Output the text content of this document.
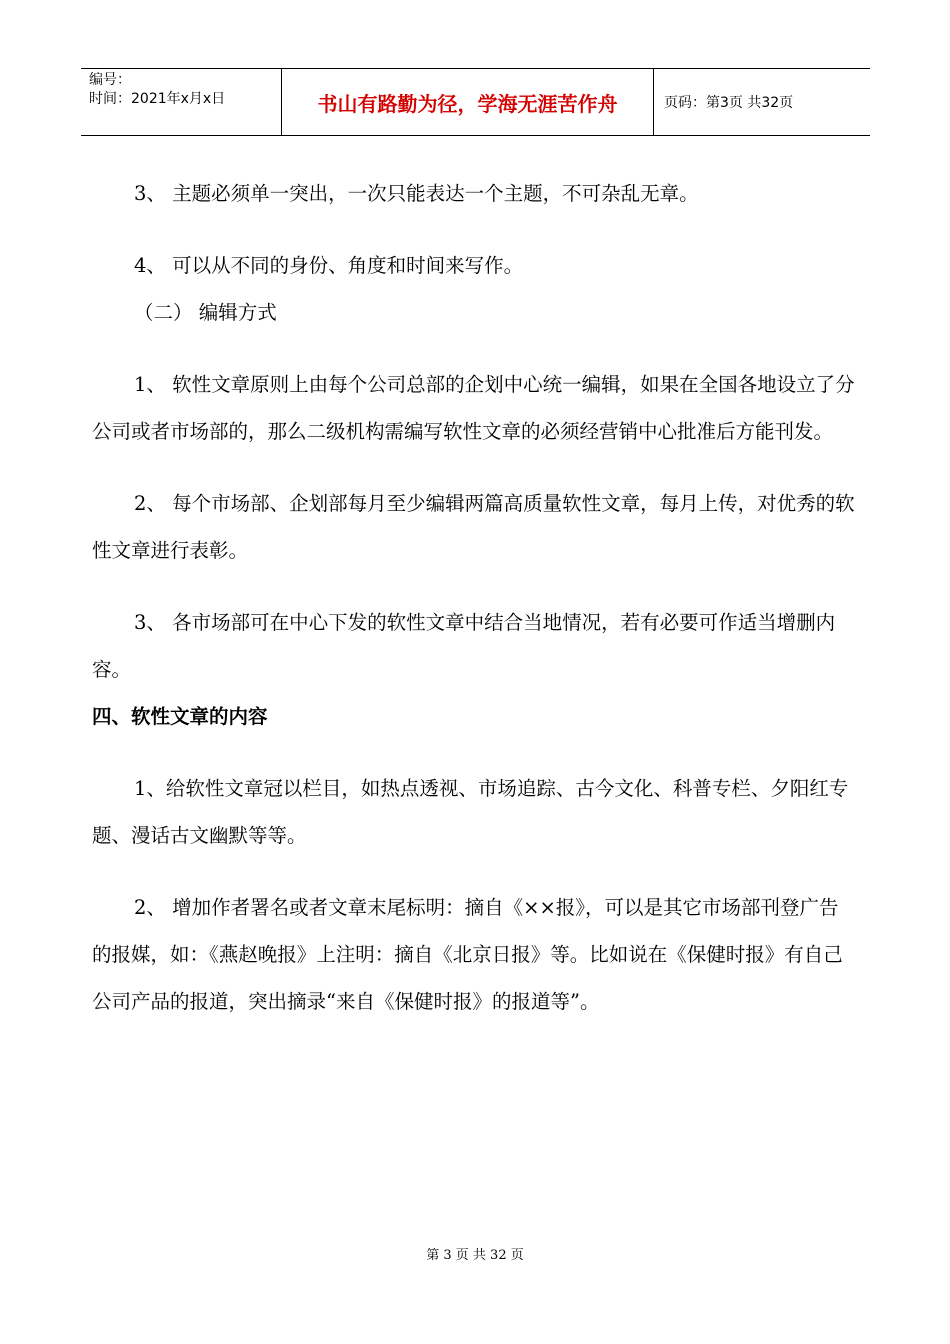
编号：
时间：2021年x月x日	书山有路勤为径，学海无涯苦作舟	页码：第3页 共32页

3、 主题必须单一突出，一次只能表达一个主题，不可杂乱无章。

4、 可以从不同的身份、角度和时间来写作。

（二） 编辑方式

1、 软性文章原则上由每个公司总部的企划中心统一编辑，如果在全国各地设立了分公司或者市场部的，那么二级机构需编写软性文章的必须经营销中心批准后方能刊发。

2、 每个市场部、企划部每月至少编辑两篇高质量软性文章，每月上传，对优秀的软性文章进行表彰。

3、 各市场部可在中心下发的软性文章中结合当地情况，若有必要可作适当增删内容。

四、软性文章的内容

1、给软性文章冠以栏目，如热点透视、市场追踪、古今文化、科普专栏、夕阳红专题、漫话古文幽默等等。

2、 增加作者署名或者文章末尾标明：摘自《××报》，可以是其它市场部刊登广告的报媒，如：《燕赵晚报》上注明：摘自《北京日报》等。比如说在《保健时报》有自己公司产品的报道，突出摘录“来自《保健时报》的报道等”。

第 3 页 共 32 页
